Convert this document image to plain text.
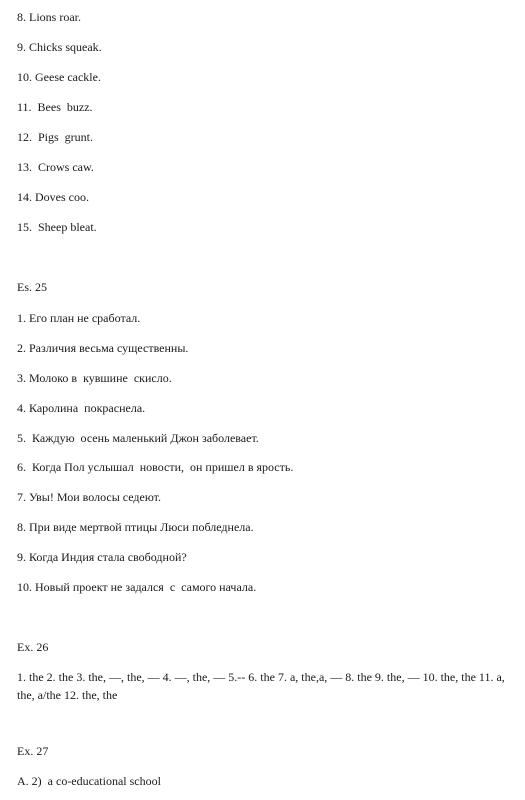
8. Lions roar.
9. Chicks squeak.
10. Geese cackle.
11.  Bees  buzz.
12.  Pigs  grunt.
13.  Crows caw.
14. Doves coo.
15.  Sheep bleat.
Es. 25
1. Его план не сработал.
2. Различия весьма существенны.
3. Молоко в  кувшине  скисло.
4. Каролина  покраснела.
5.  Каждую  осень маленький Джон заболевает.
6.  Когда Пол услышал  новости,  он пришел в ярость.
7. Увы! Мои волосы седеют.
8. При виде мертвой птицы Люси побледнела.
9. Когда Индия стала свободной?
10. Новый проект не задался  с  самого начала.
Ex. 26
1. the 2. the 3. the, —, the, — 4. —, the, — 5.-- 6. the 7. a, the,a, — 8. the 9. the, — 10. the, the 11. a, the, a/the 12. the, the
Ex. 27
A. 2)  a co-educational school
